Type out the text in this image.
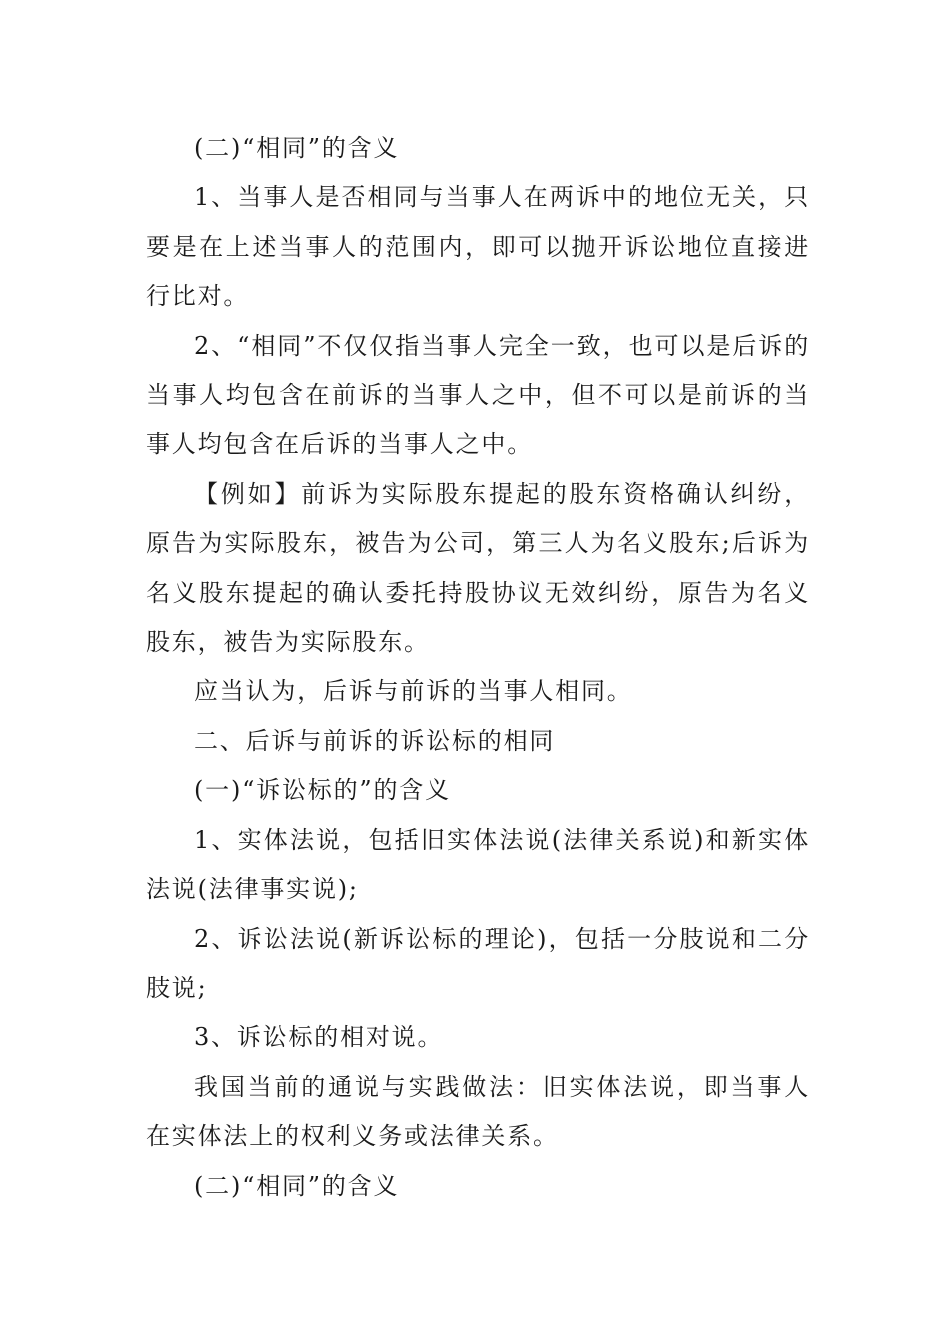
(二)“相同”的含义

1、当事人是否相同与当事人在两诉中的地位无关，只要是在上述当事人的范围内，即可以抛开诉讼地位直接进行比对。

2、“相同”不仅仅指当事人完全一致，也可以是后诉的当事人均包含在前诉的当事人之中，但不可以是前诉的当事人均包含在后诉的当事人之中。

【例如】前诉为实际股东提起的股东资格确认纠纷，原告为实际股东，被告为公司，第三人为名义股东;后诉为名义股东提起的确认委托持股协议无效纠纷，原告为名义股东，被告为实际股东。

应当认为，后诉与前诉的当事人相同。

二、后诉与前诉的诉讼标的相同

(一)“诉讼标的”的含义

1、实体法说，包括旧实体法说(法律关系说)和新实体法说(法律事实说);

2、诉讼法说(新诉讼标的理论)，包括一分肢说和二分肢说;

3、诉讼标的相对说。

我国当前的通说与实践做法：旧实体法说，即当事人在实体法上的权利义务或法律关系。

(二)“相同”的含义
